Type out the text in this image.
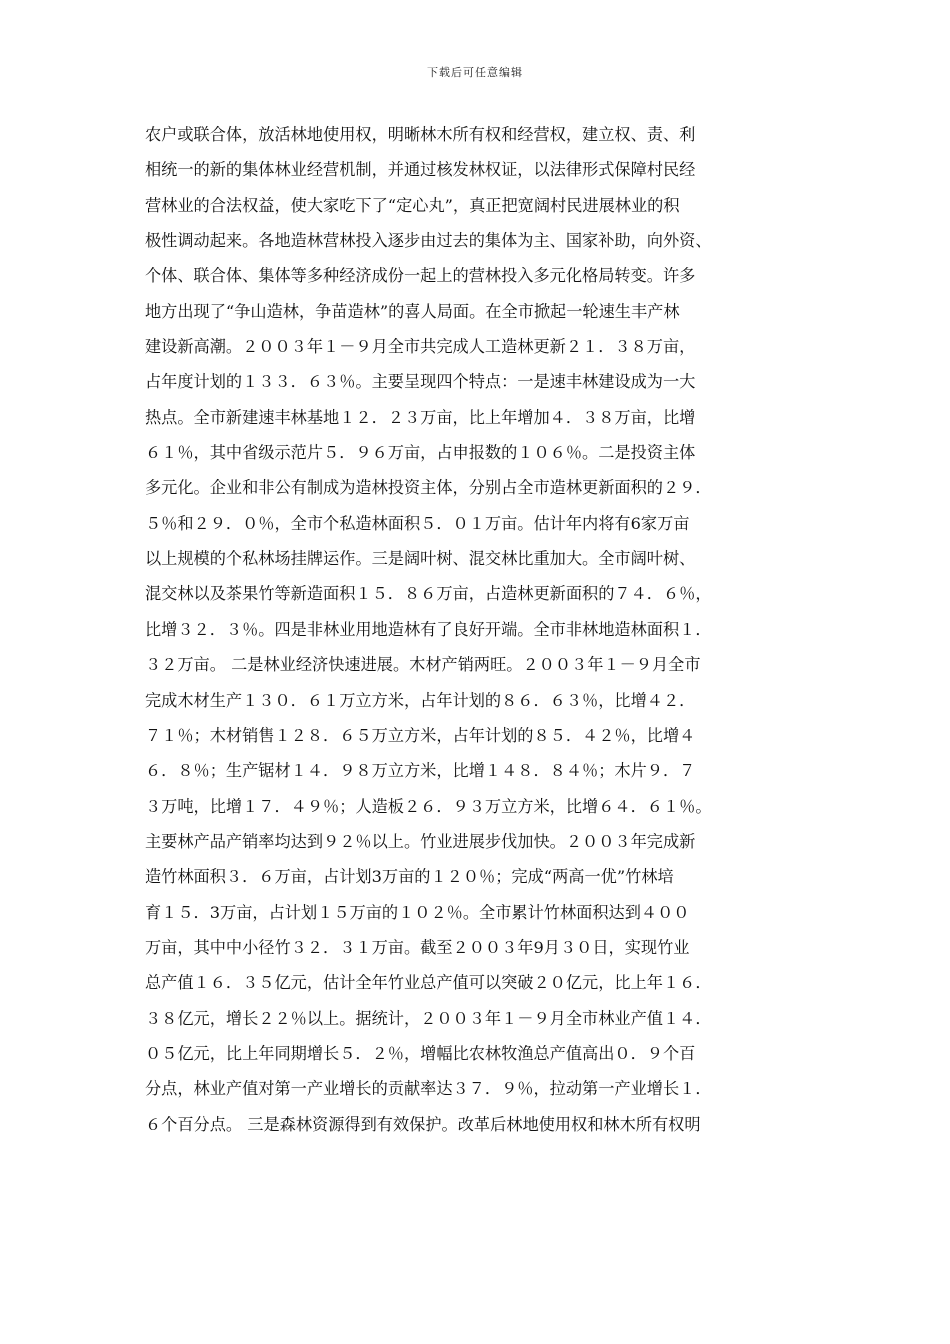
下载后可任意编辑
农户或联合体，放活林地使用权，明晰林木所有权和经营权，建立权、责、利
相统一的新的集体林业经营机制，并通过核发林权证，以法律形式保障村民经
营林业的合法权益，使大家吃下了“定心丸”，真正把宽阔村民进展林业的积
极性调动起来。各地造林营林投入逐步由过去的集体为主、国家补助，向外资、
个体、联合体、集体等多种经济成份一起上的营林投入多元化格局转变。许多
地方出现了“争山造林，争苗造林”的喜人局面。在全市掀起一轮速生丰产林
建设新高潮。２００３年１－９月全市共完成人工造林更新２１．３８万亩，
占年度计划的１３３．６３％。主要呈现四个特点：一是速丰林建设成为一大
热点。全市新建速丰林基地１２．２３万亩，比上年增加４．３８万亩，比增
６１％，其中省级示范片５．９６万亩，占申报数的１０６％。二是投资主体
多元化。企业和非公有制成为造林投资主体，分别占全市造林更新面积的２９．
５％和２９．０％，全市个私造林面积５．０１万亩。估计年内将有6家万亩
以上规模的个私林场挂牌运作。三是阔叶树、混交林比重加大。全市阔叶树、
混交林以及茶果竹等新造面积１５．８６万亩，占造林更新面积的７４．６％，
比增３２．３％。四是非林业用地造林有了良好开端。全市非林地造林面积１．
３２万亩。 二是林业经济快速进展。木材产销两旺。２００３年１－９月全市
完成木材生产１３０．６１万立方米，占年计划的８６．６３％，比增４２．
７１％；木材销售１２８．６５万立方米，占年计划的８５．４２％，比增４
６．８％；生产锯材１４．９８万立方米，比增１４８．８４％；木片９．７
３万吨，比增１７．４９％；人造板２６．９３万立方米，比增６４．６１％。
主要林产品产销率均达到９２％以上。竹业进展步伐加快。２００３年完成新
造竹林面积３．６万亩，占计划3万亩的１２０％；完成“两高一优”竹林培
育１５．3万亩，占计划１５万亩的１０２％。全市累计竹林面积达到４００
万亩，其中中小径竹３２．３１万亩。截至２００３年9月３０日，实现竹业
总产值１６．３５亿元，估计全年竹业总产值可以突破２０亿元，比上年１６．
３８亿元，增长２２％以上。据统计，２００３年１－９月全市林业产值１４．
０５亿元，比上年同期增长５．２％，增幅比农林牧渔总产值高出０．９个百
分点，林业产值对第一产业增长的贡献率达３７．９％，拉动第一产业增长１．
６个百分点。 三是森林资源得到有效保护。改革后林地使用权和林木所有权明
